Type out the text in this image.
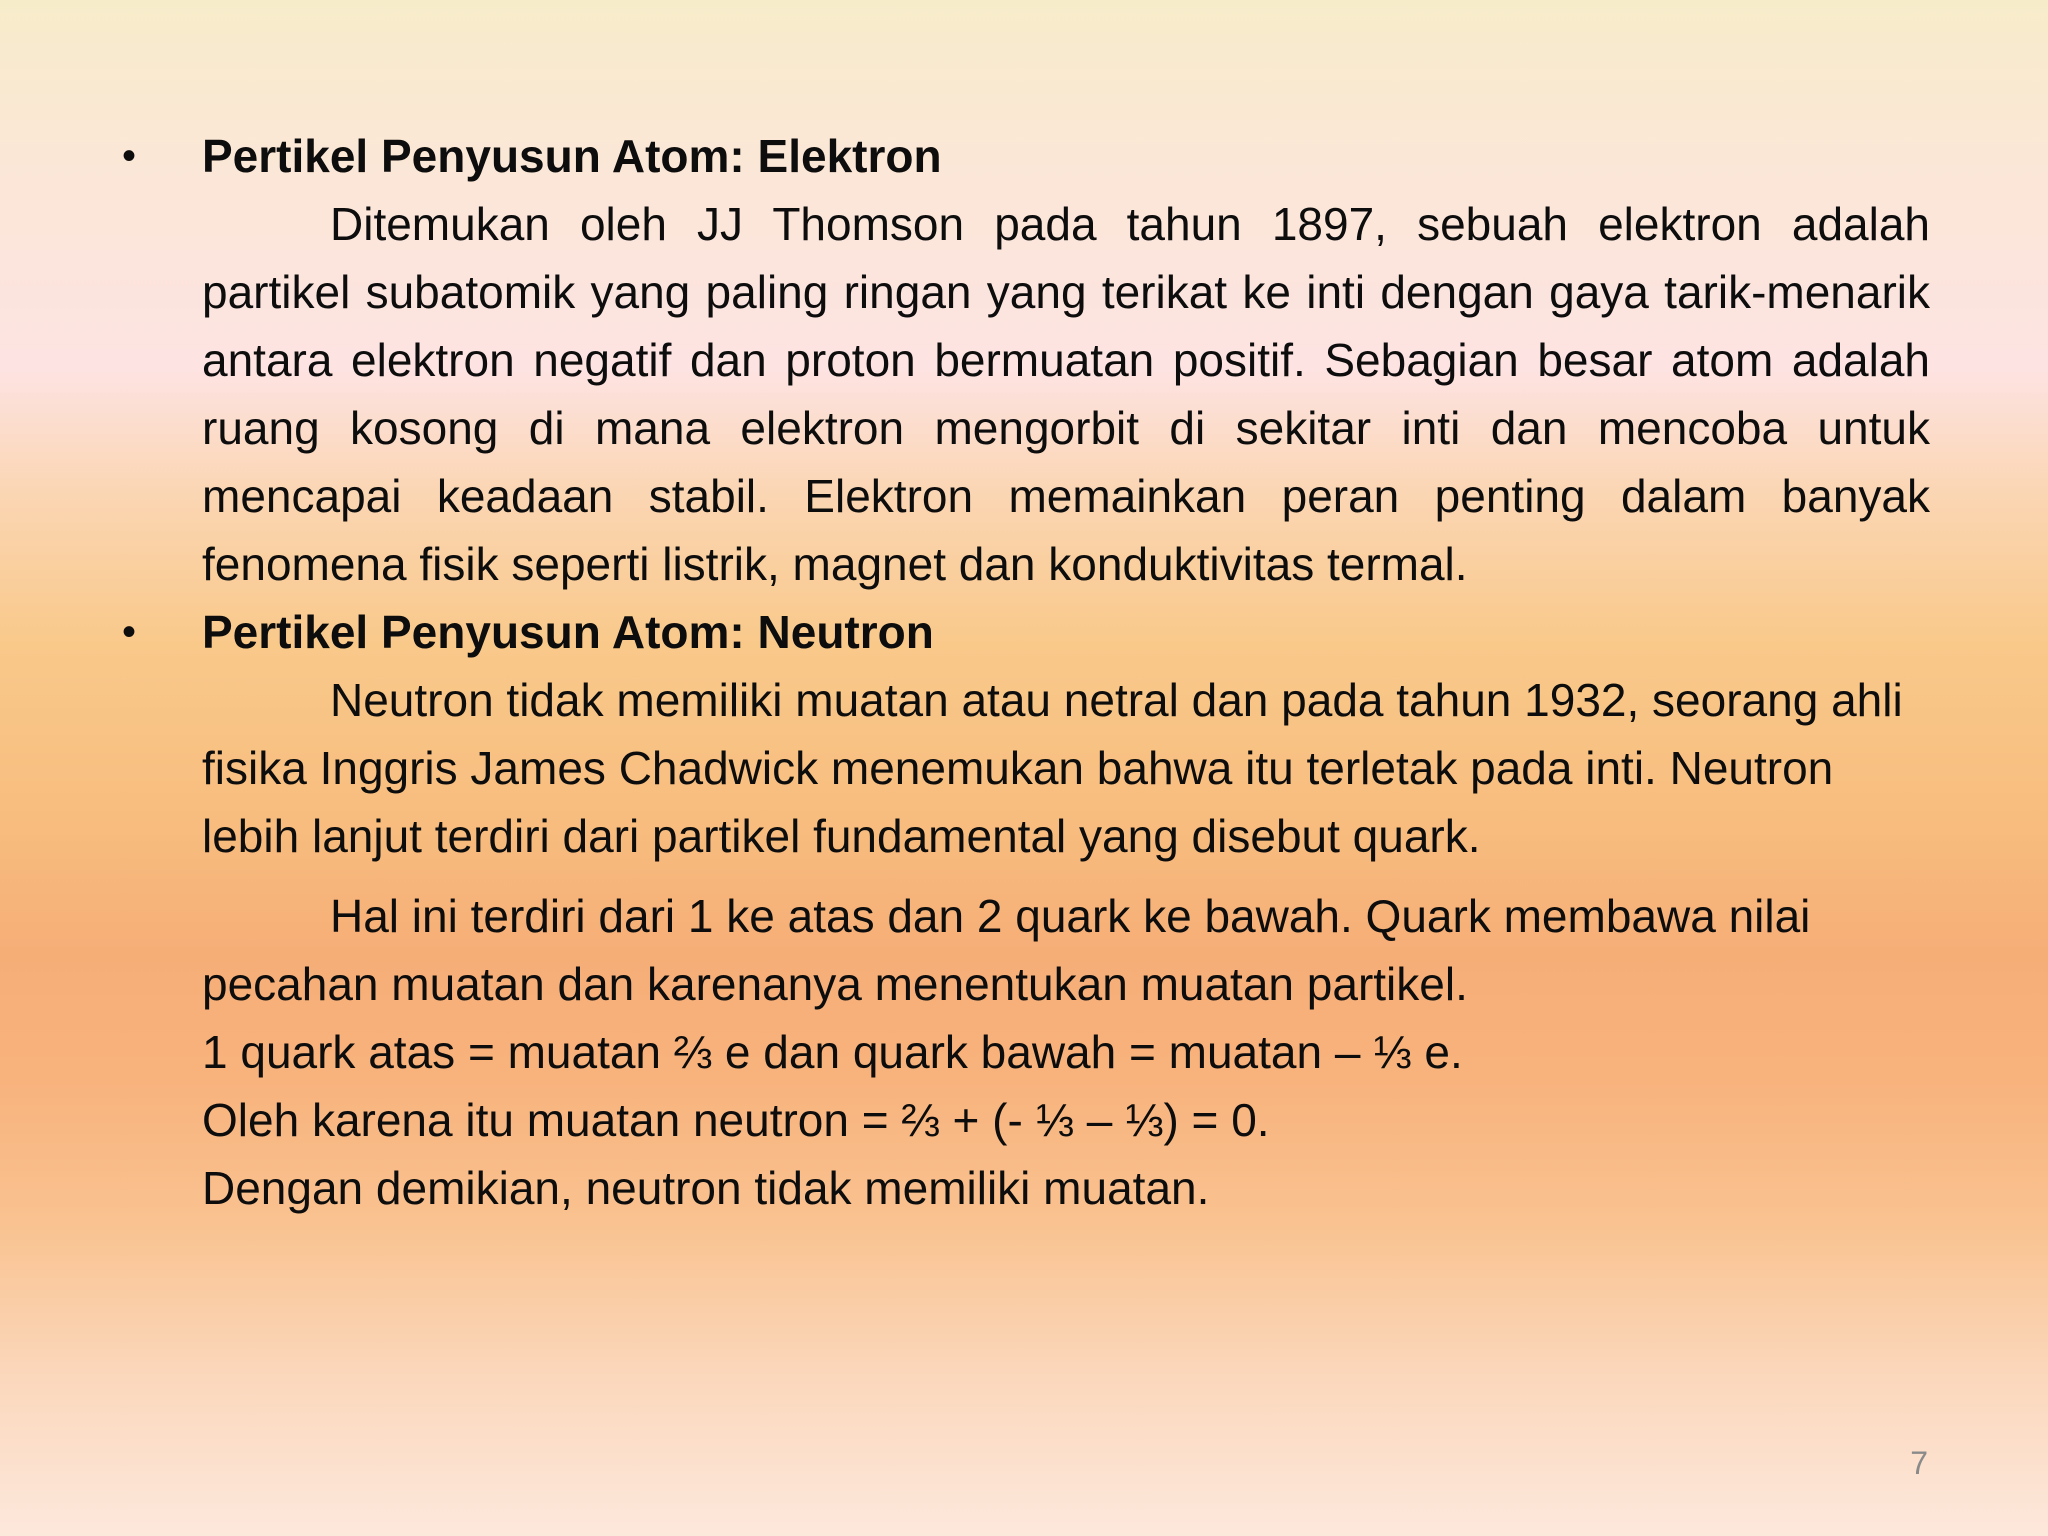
•	Pertikel Penyusun Atom: Elektron

Ditemukan oleh JJ Thomson pada tahun 1897, sebuah elektron adalah partikel subatomik yang paling ringan yang terikat ke inti dengan gaya tarik-menarik antara elektron negatif dan proton bermuatan positif. Sebagian besar atom adalah ruang kosong di mana elektron mengorbit di sekitar inti dan mencoba untuk mencapai keadaan stabil. Elektron memainkan peran penting dalam banyak fenomena fisik seperti listrik, magnet dan konduktivitas termal.

•	Pertikel Penyusun Atom: Neutron

Neutron tidak memiliki muatan atau netral dan pada tahun 1932, seorang ahli fisika Inggris James Chadwick menemukan bahwa itu terletak pada inti. Neutron lebih lanjut terdiri dari partikel fundamental yang disebut quark.

Hal ini terdiri dari 1 ke atas dan 2 quark ke bawah. Quark membawa nilai pecahan muatan dan karenanya menentukan muatan partikel.

1 quark atas = muatan ⅔ e dan quark bawah = muatan – ⅓ e.
Oleh karena itu muatan neutron = ⅔ + (- ⅓ – ⅓) = 0.
Dengan demikian, neutron tidak memiliki muatan.
7
